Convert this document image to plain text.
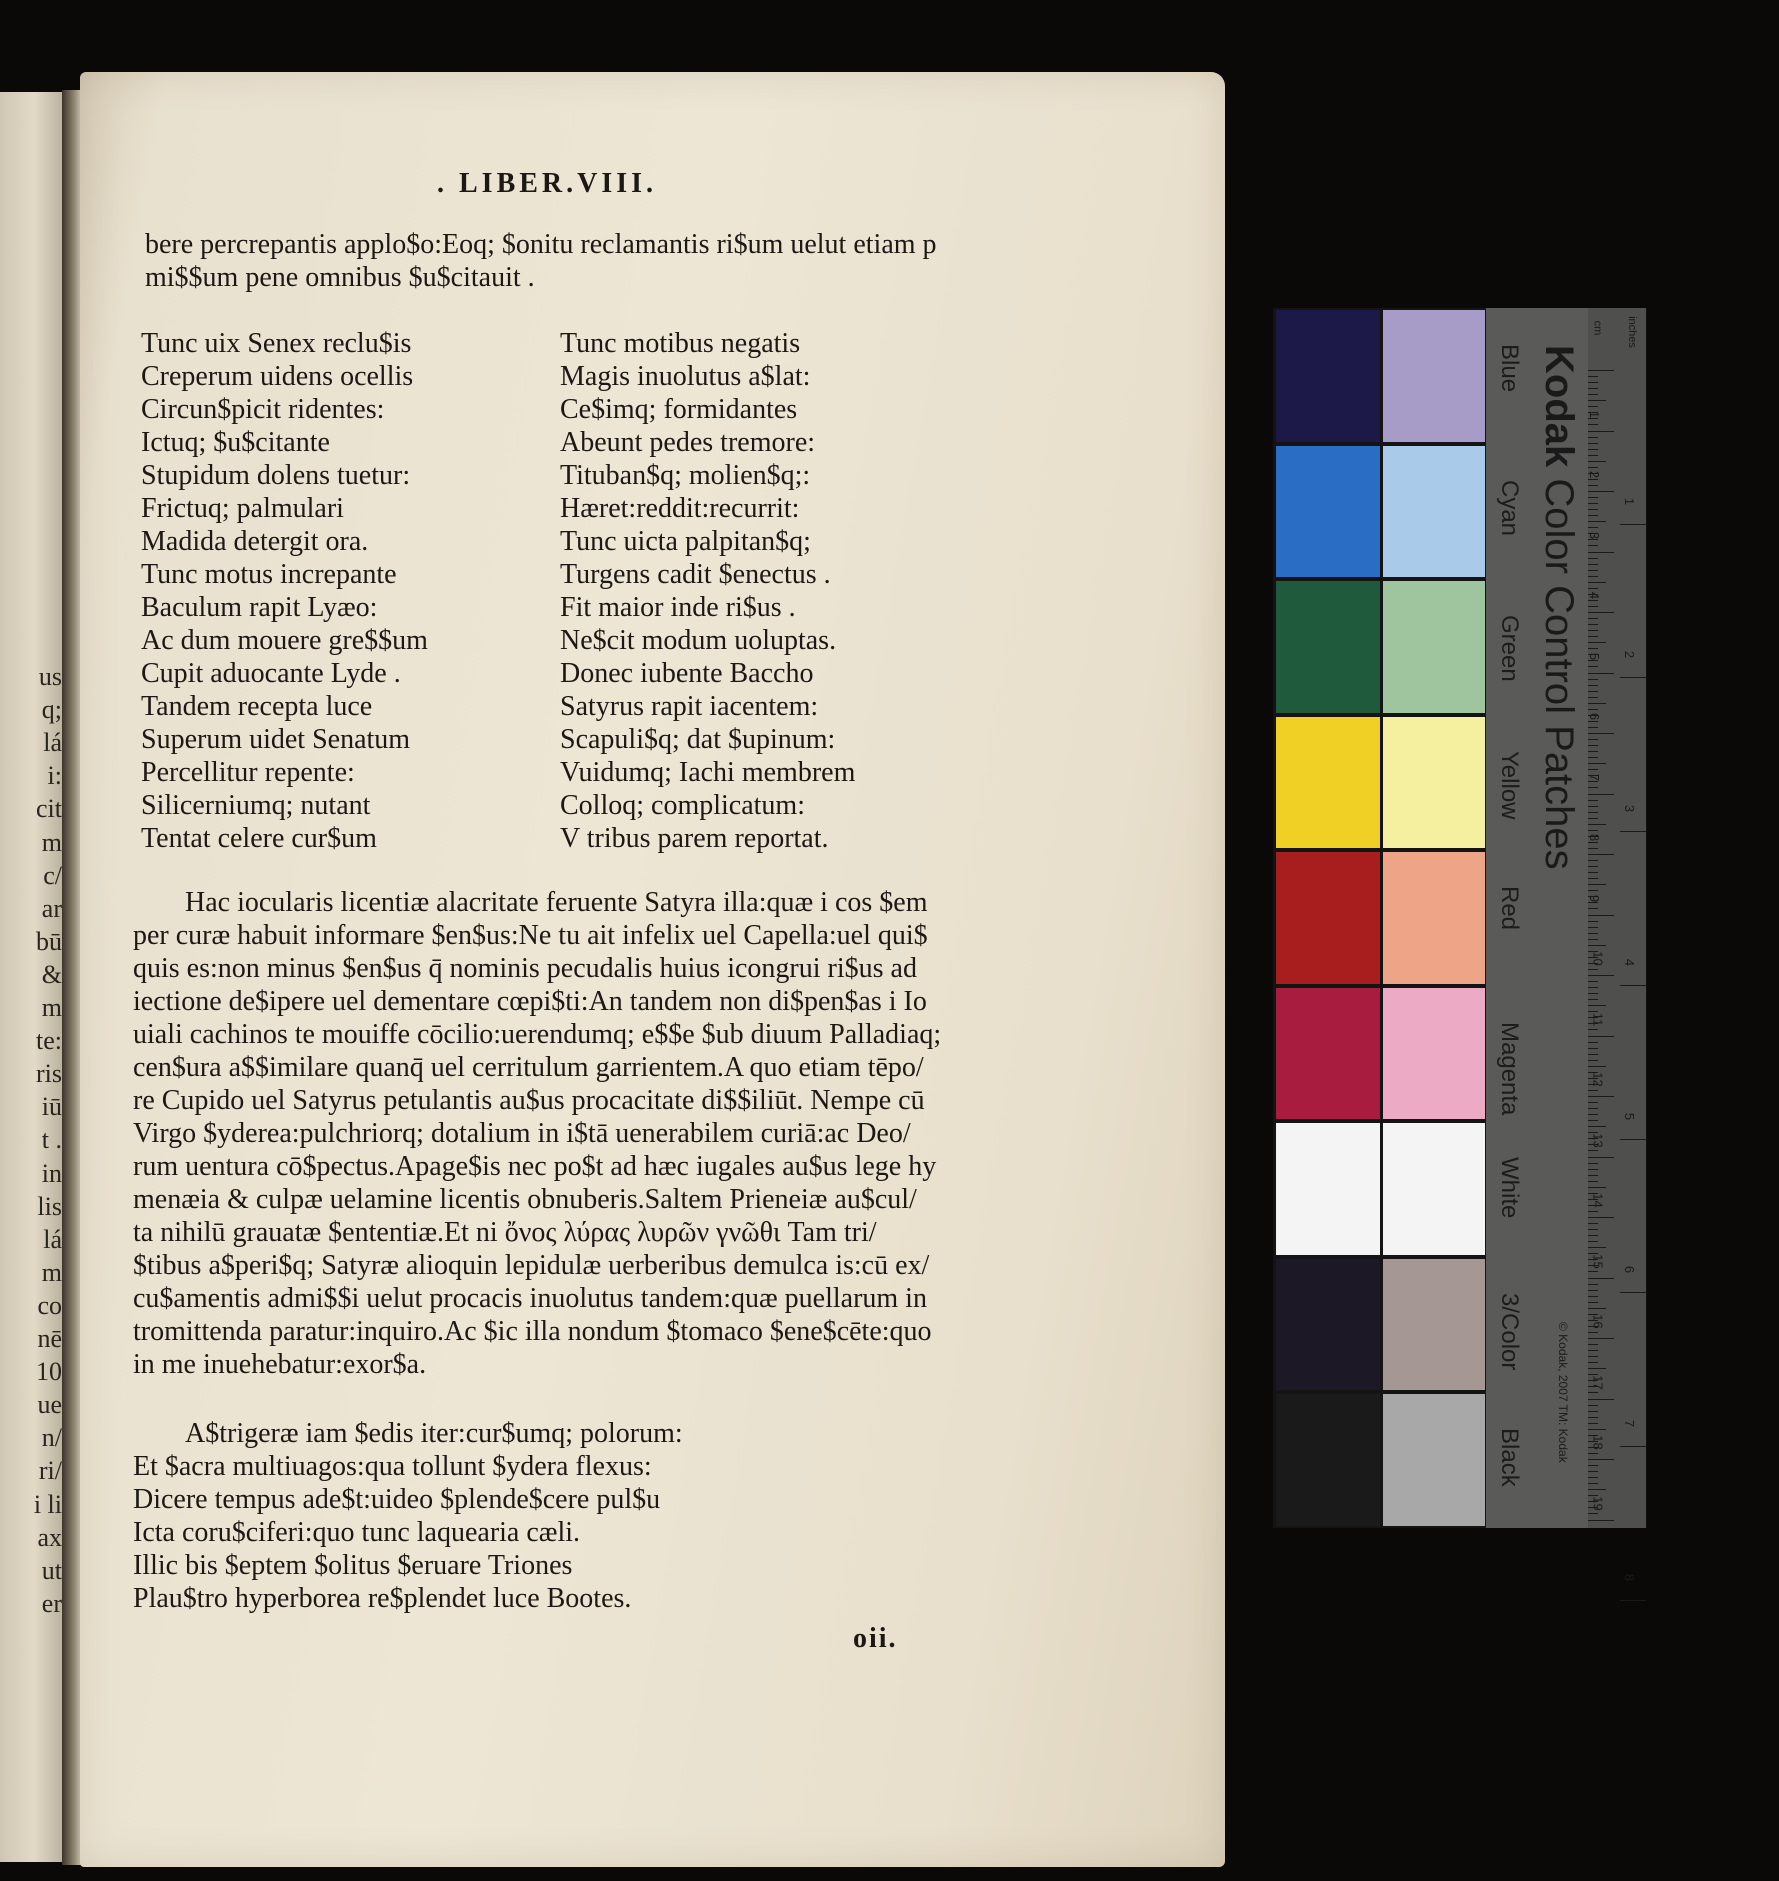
us
q;
lá
i:
cit
m
c/
ar
bū
&
m
te:
ris
iū
t .
in
lis
lá
m
co
nē
10
ue
n/
ri/
i li
ax
ut
er
. LIBER.VIII.
bere percrepantis applo$o:Eoq; $onitu reclamantis ri$um uelut etiam p
mi$$um pene omnibus $u$citauit .
Tunc uix Senex reclu$is
Creperum uidens ocellis
Circun$picit ridentes:
Ictuq; $u$citante
Stupidum dolens tuetur:
Frictuq; palmulari
Madida detergit ora.
Tunc motus increpante
Baculum rapit Lyæo:
Ac dum mouere gre$$um
Cupit aduocante Lyde .
Tandem recepta luce
Superum uidet Senatum
Percellitur repente:
Silicerniumq; nutant
Tentat celere cur$um
Tunc motibus negatis
Magis inuolutus a$lat:
Ce$imq; formidantes
Abeunt pedes tremore:
Tituban$q; molien$q;:
Hæret:reddit:recurrit:
Tunc uicta palpitan$q;
Turgens cadit $enectus .
Fit maior inde ri$us .
Ne$cit modum uoluptas.
Donec iubente Baccho
Satyrus rapit iacentem:
Scapuli$q; dat $upinum:
Vuidumq; Iachi membrem
Colloq; complicatum:
V tribus parem reportat.
Hac iocularis licentiæ alacritate feruente Satyra illa:quæ i cos $em
per curæ habuit informare $en$us:Ne tu ait infelix uel Capella:uel qui$
quis es:non minus $en$us q̄ nominis pecudalis huius icongrui ri$us ad
iectione de$ipere uel dementare cœpi$ti:An tandem non di$pen$as i Io
uiali cachinos te mouiffe cōcilio:uerendumq; e$$e $ub diuum Palladiaq;
cen$ura a$$imilare quanq̄ uel cerritulum garrientem.A quo etiam tēpo/
re Cupido uel Satyrus petulantis au$us procacitate di$$iliūt. Nempe cū
Virgo $yderea:pulchriorq; dotalium in i$tā uenerabilem curiā:ac Deo/
rum uentura cō$pectus.Apage$is nec po$t ad hæc iugales au$us lege hy
menæia & culpæ uelamine licentis obnuberis.Saltem Prieneiæ au$cul/
ta nihilū grauatæ $ententiæ.Et ni ὄνος λύρας λυρῶν γνῶθι Tam tri/
$tibus a$peri$q; Satyræ alioquin lepidulæ uerberibus demulca is:cū ex/
cu$amentis admi$$i uelut procacis inuolutus tandem:quæ puellarum in
tromittenda paratur:inquiro.Ac $ic illa nondum $tomaco $ene$cēte:quo
in me inuehebatur:exor$a.
A$trigeræ iam $edis iter:cur$umq; polorum:
Et $acra multiuagos:qua tollunt $ydera flexus:
Dicere tempus ade$t:uideo $plende$cere pul$u
Icta coru$ciferi:quo tunc laquearia cæli.
Illic bis $eptem $olitus $eruare Triones
Plau$tro hyperborea re$plendet luce Bootes.
oii.
Kodak Color Control Patches
Blue
Cyan
Green
Yellow
Red
Magenta
White
3/Color
Black	© Kodak, 2007 TM: Kodak
1
2
3
4
5
6
7
8
9
10
11
12
13
14
15
16
17
18
19
1
2
3
4
5
6
7
8
cm inches
